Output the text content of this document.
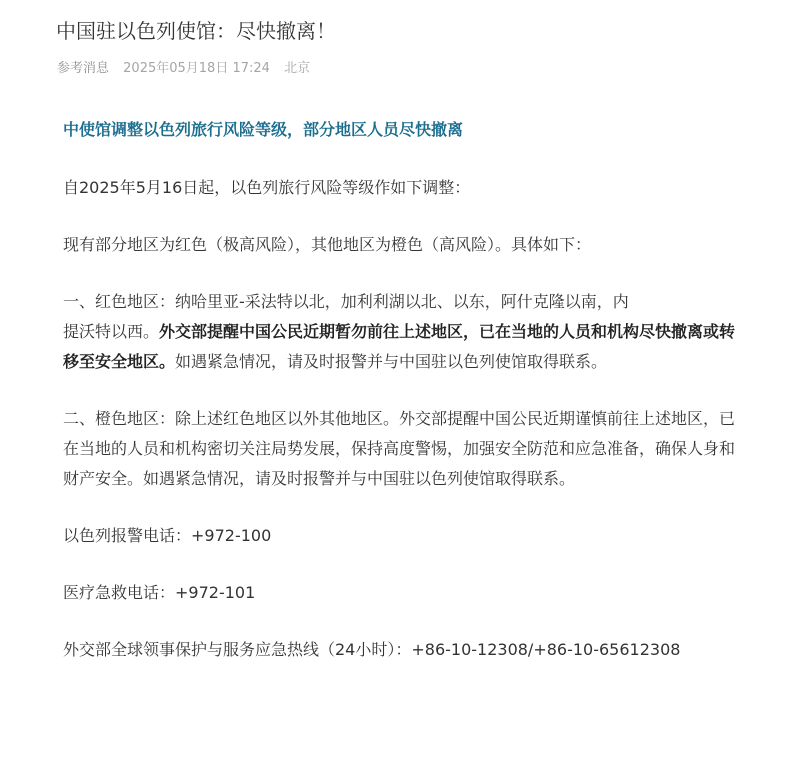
中国驻以色列使馆：尽快撤离！
参考消息 2025年05月18日 17:24 北京
中使馆调整以色列旅行风险等级，部分地区人员尽快撤离
自2025年5月16日起，以色列旅行风险等级作如下调整：
现有部分地区为红色（极高风险），其他地区为橙色（高风险）。具体如下：
一、红色地区：纳哈里亚-采法特以北，加利利湖以北、以东，阿什克隆以南，内
提沃特以西。外交部提醒中国公民近期暂勿前往上述地区，已在当地的人员和机构尽快撤离或转移至安全地区。如遇紧急情况，请及时报警并与中国驻以色列使馆取得联系。
二、橙色地区：除上述红色地区以外其他地区。外交部提醒中国公民近期谨慎前往上述地区，已在当地的人员和机构密切关注局势发展，保持高度警惕，加强安全防范和应急准备，确保人身和财产安全。如遇紧急情况，请及时报警并与中国驻以色列使馆取得联系。
以色列报警电话：+972-100
医疗急救电话：+972-101
外交部全球领事保护与服务应急热线（24小时）：+86-10-12308/+86-10-65612308
